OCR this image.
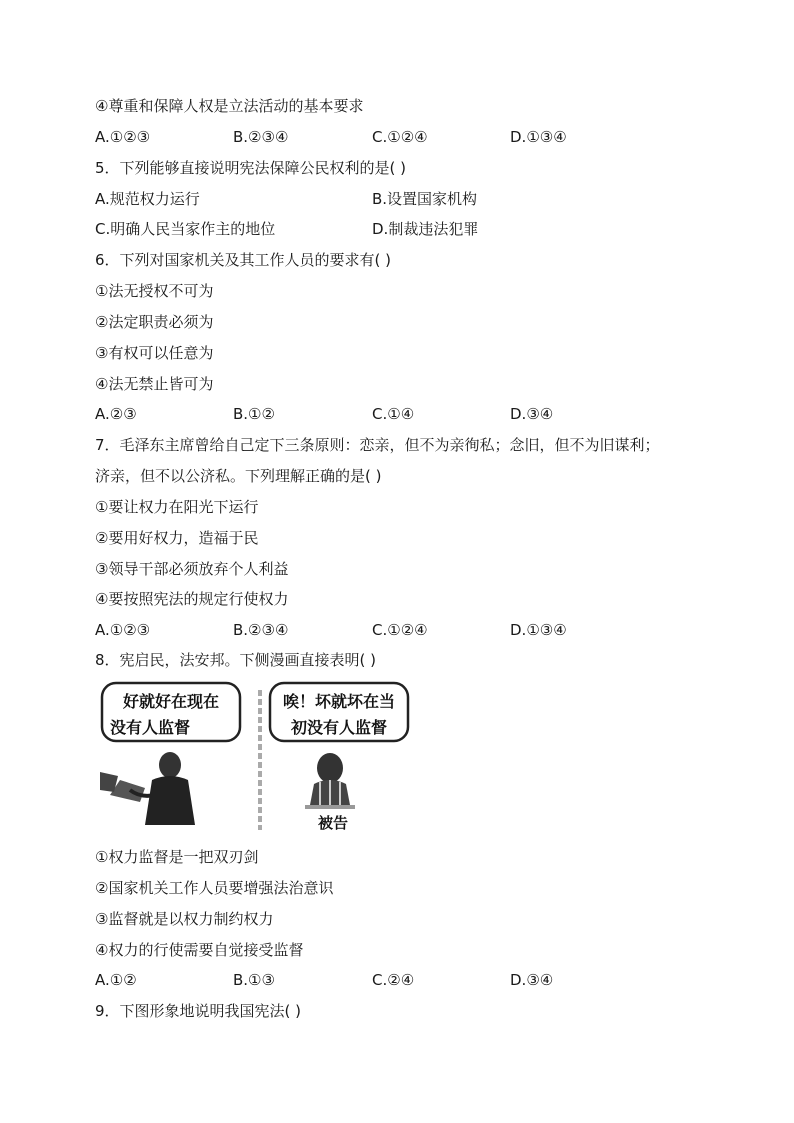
④尊重和保障人权是立法活动的基本要求
A.①②③	B.②③④	C.①②④	D.①③④
5．下列能够直接说明宪法保障公民权利的是( )
A.规范权力运行	B.设置国家机构
C.明确人民当家作主的地位	D.制裁违法犯罪
6．下列对国家机关及其工作人员的要求有( )
①法无授权不可为
②法定职责必须为
③有权可以任意为
④法无禁止皆可为
A.②③	B.①②	C.①④	D.③④
7．毛泽东主席曾给自己定下三条原则：恋亲，但不为亲徇私；念旧，但不为旧谋利；
济亲，但不以公济私。下列理解正确的是( )
①要让权力在阳光下运行
②要用好权力，造福于民
③领导干部必须放弃个人利益
④要按照宪法的规定行使权力
A.①②③	B.②③④	C.①②④	D.①③④
8．宪启民，法安邦。下侧漫画直接表明( )
好就好在现在
没有人监督
唉！坏就坏在当
初没有人监督
被告
①权力监督是一把双刃剑
②国家机关工作人员要增强法治意识
③监督就是以权力制约权力
④权力的行使需要自觉接受监督
A.①②	B.①③	C.②④	D.③④
9．下图形象地说明我国宪法( )
